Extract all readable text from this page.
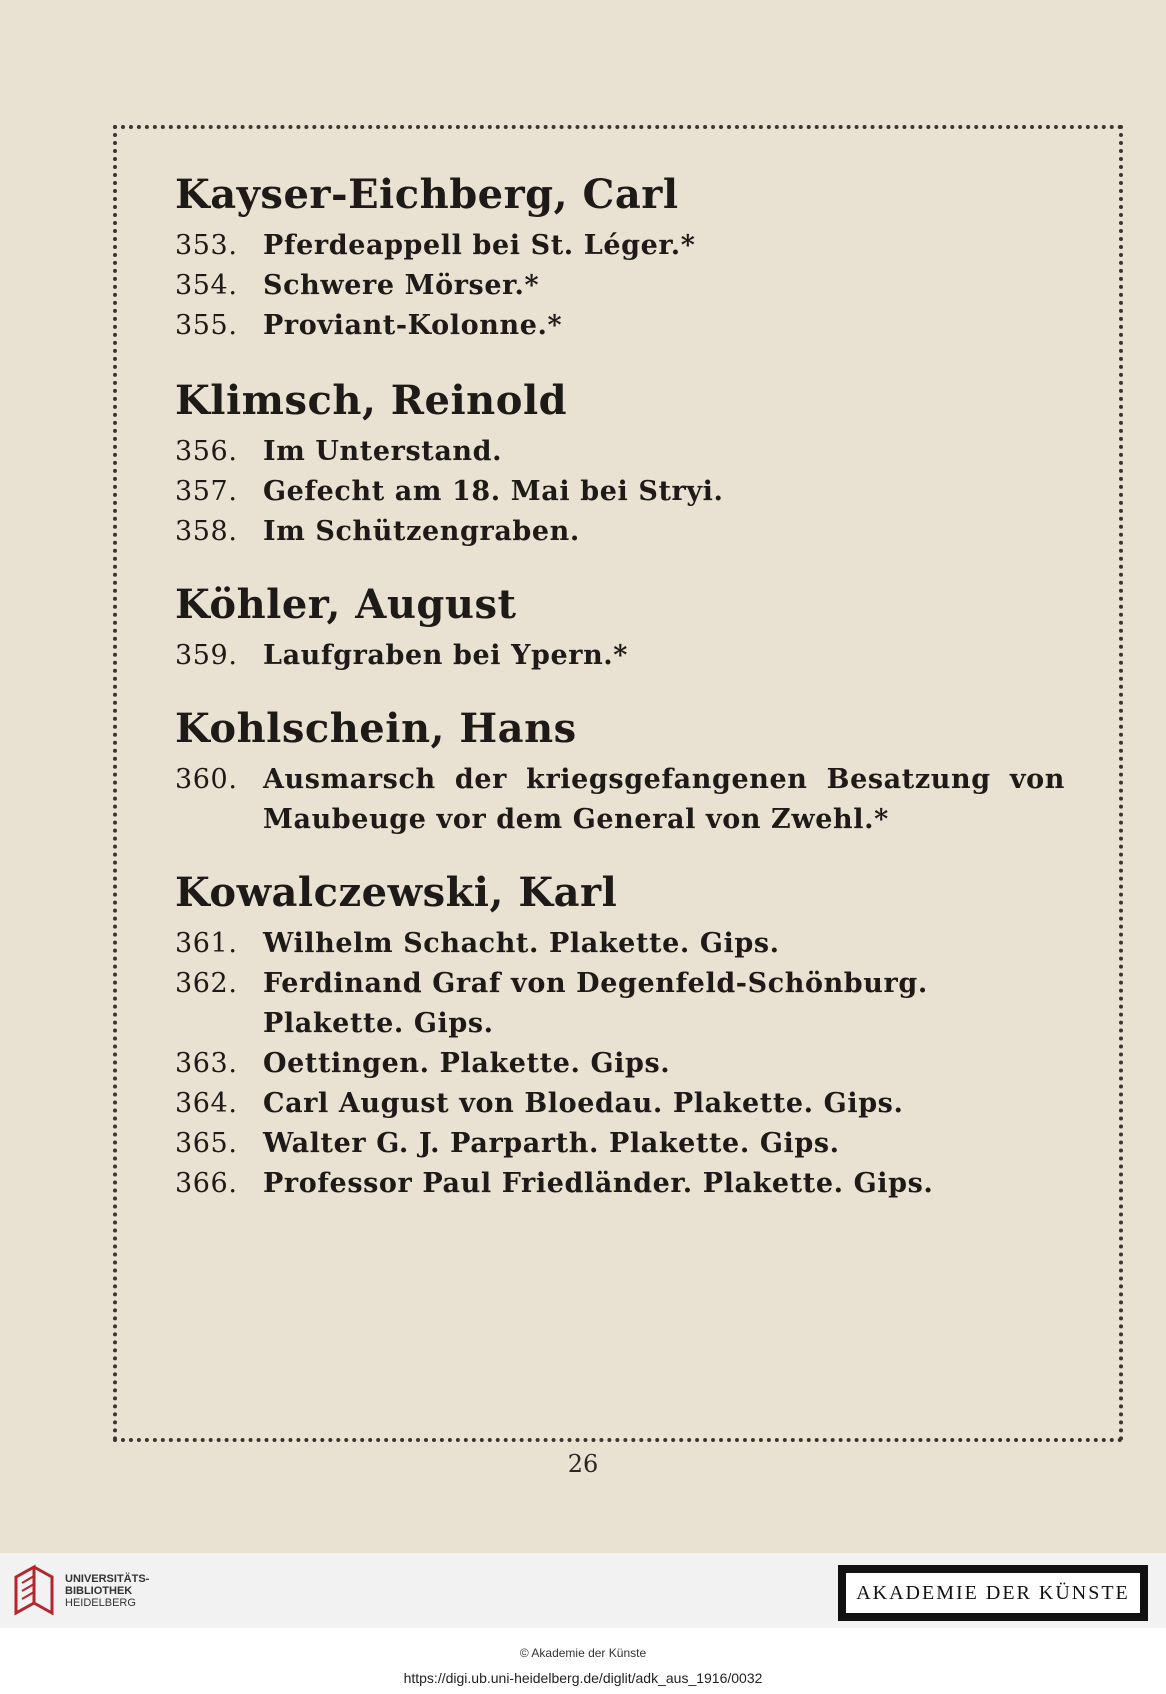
Kayser-Eichberg, Carl
353. Pferdeappell bei St. Léger.*
354. Schwere Mörser.*
355. Proviant-Kolonne.*
Klimsch, Reinold
356. Im Unterstand.
357. Gefecht am 18. Mai bei Stryi.
358. Im Schützengraben.
Köhler, August
359. Laufgraben bei Ypern.*
Kohlschein, Hans
360. Ausmarsch der kriegsgefangenen Besatzung von Maubeuge vor dem General von Zwehl.*
Kowalczewski, Karl
361. Wilhelm Schacht. Plakette. Gips.
362. Ferdinand Graf von Degenfeld-Schönburg. Plakette. Gips.
363. Oettingen. Plakette. Gips.
364. Carl August von Bloedau. Plakette. Gips.
365. Walter G. J. Parparth. Plakette. Gips.
366. Professor Paul Friedländer. Plakette. Gips.
26
UNIVERSITÄTS-
BIBLIOTHEK
HEIDELBERG	AKADEMIE DER KÜNSTE
© Akademie der Künste
https://digi.ub.uni-heidelberg.de/diglit/adk_aus_1916/0032
